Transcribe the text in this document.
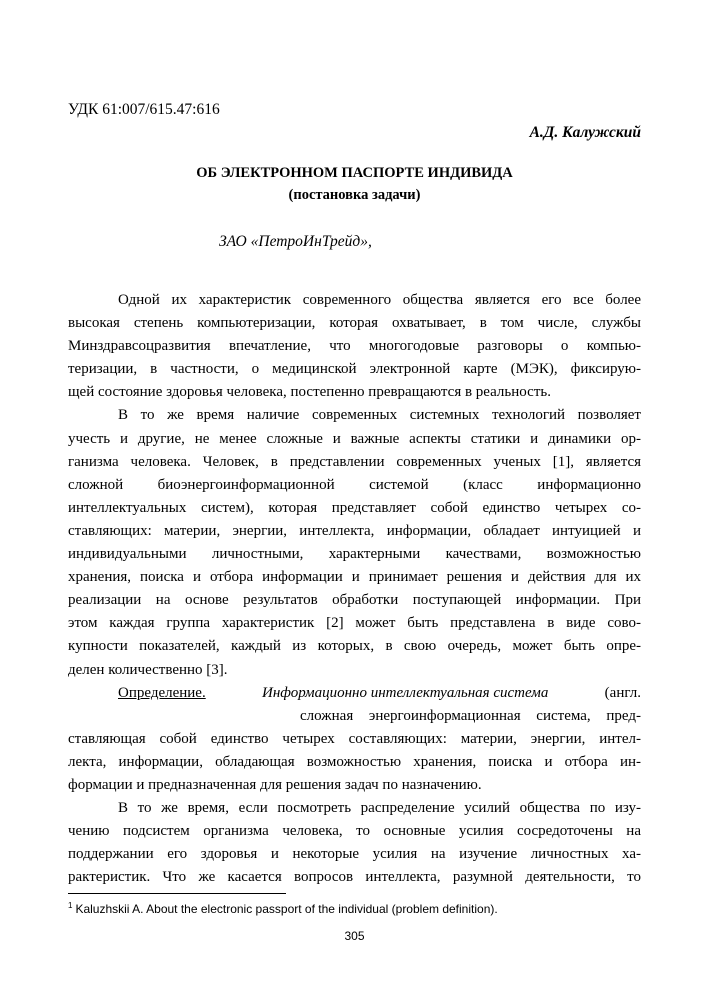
УДК 61:007/615.47:616
А.Д. Калужский
ОБ ЭЛЕКТРОННОМ ПАСПОРТЕ ИНДИВИДА
(постановка задачи)
ЗАО «ПетроИнТрейд»,
Одной их характеристик современного общества является его все более
высокая степень компьютеризации, которая охватывает, в том числе, службы
Минздравсоцразвития впечатление, что многогодовые разговоры о компью-
теризации, в частности, о медицинской электронной карте (МЭК), фиксирую-
щей состояние здоровья человека, постепенно превращаются в реальность.
В то же время наличие современных системных технологий позволяет
учесть и другие, не менее сложные и важные аспекты статики и динамики ор-
ганизма человека. Человек, в представлении современных ученых [1], является
сложной биоэнергоинформационной системой (класс информационно
интеллектуальных систем), которая представляет собой единство четырех со-
ставляющих: материи, энергии, интеллекта, информации, обладает интуицией и
индивидуальными личностными, характерными качествами, возможностью
хранения, поиска и отбора информации и принимает решения и действия для их
реализации на основе результатов обработки поступающей информации. При
этом каждая группа характеристик [2] может быть представлена в виде сово-
купности показателей, каждый из которых, в свою очередь, может быть опре-
делен количественно [3].
Определение.	Информационно интеллектуальная система	(англ.
сложная энергоинформационная система, пред-
ставляющая собой единство четырех составляющих: материи, энергии, интел-
лекта, информации, обладающая возможностью хранения, поиска и отбора ин-
формации и предназначенная для решения задач по назначению.
В то же время, если посмотреть распределение усилий общества по изу-
чению подсистем организма человека, то основные усилия сосредоточены на
поддержании его здоровья и некоторые усилия на изучение личностных ха-
рактеристик. Что же касается вопросов интеллекта, разумной деятельности, то
$^1$ Kaluzhskii A. About the electronic passport of the individual (problem definition).
305
